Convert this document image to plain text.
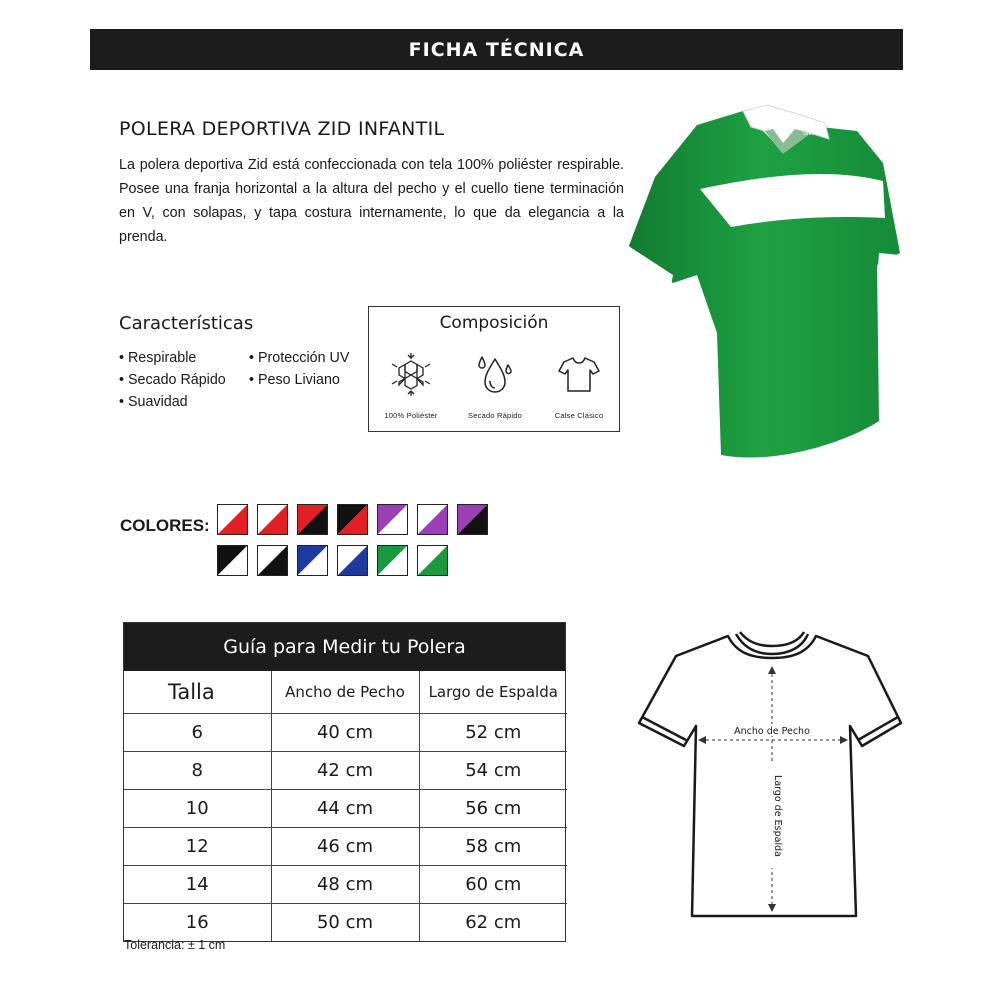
FICHA TÉCNICA
POLERA DEPORTIVA ZID INFANTIL

La polera deportiva Zid está confeccionada con tela 100% poliéster respirable. Posee una franja horizontal a la altura del pecho y el cuello tiene terminación en V, con solapas, y tapa costura internamente, lo que da elegancia a la prenda.

Características
• Respirable	• Protección UV
• Secado Rápido	• Peso Liviano
• Suavidad
Composición
100% Poliéster	Secado Rápido	Calse Clásico
SNIX
COLORES:
Guía para Medir tu Polera
Talla	Ancho de Pecho	Largo de Espalda
6	40 cm	52 cm
8	42 cm	54 cm
10	44 cm	56 cm
12	46 cm	58 cm
14	48 cm	60 cm
16	50 cm	62 cm
Tolerancia: ± 1 cm
Ancho de Pecho
Largo de Espalda
